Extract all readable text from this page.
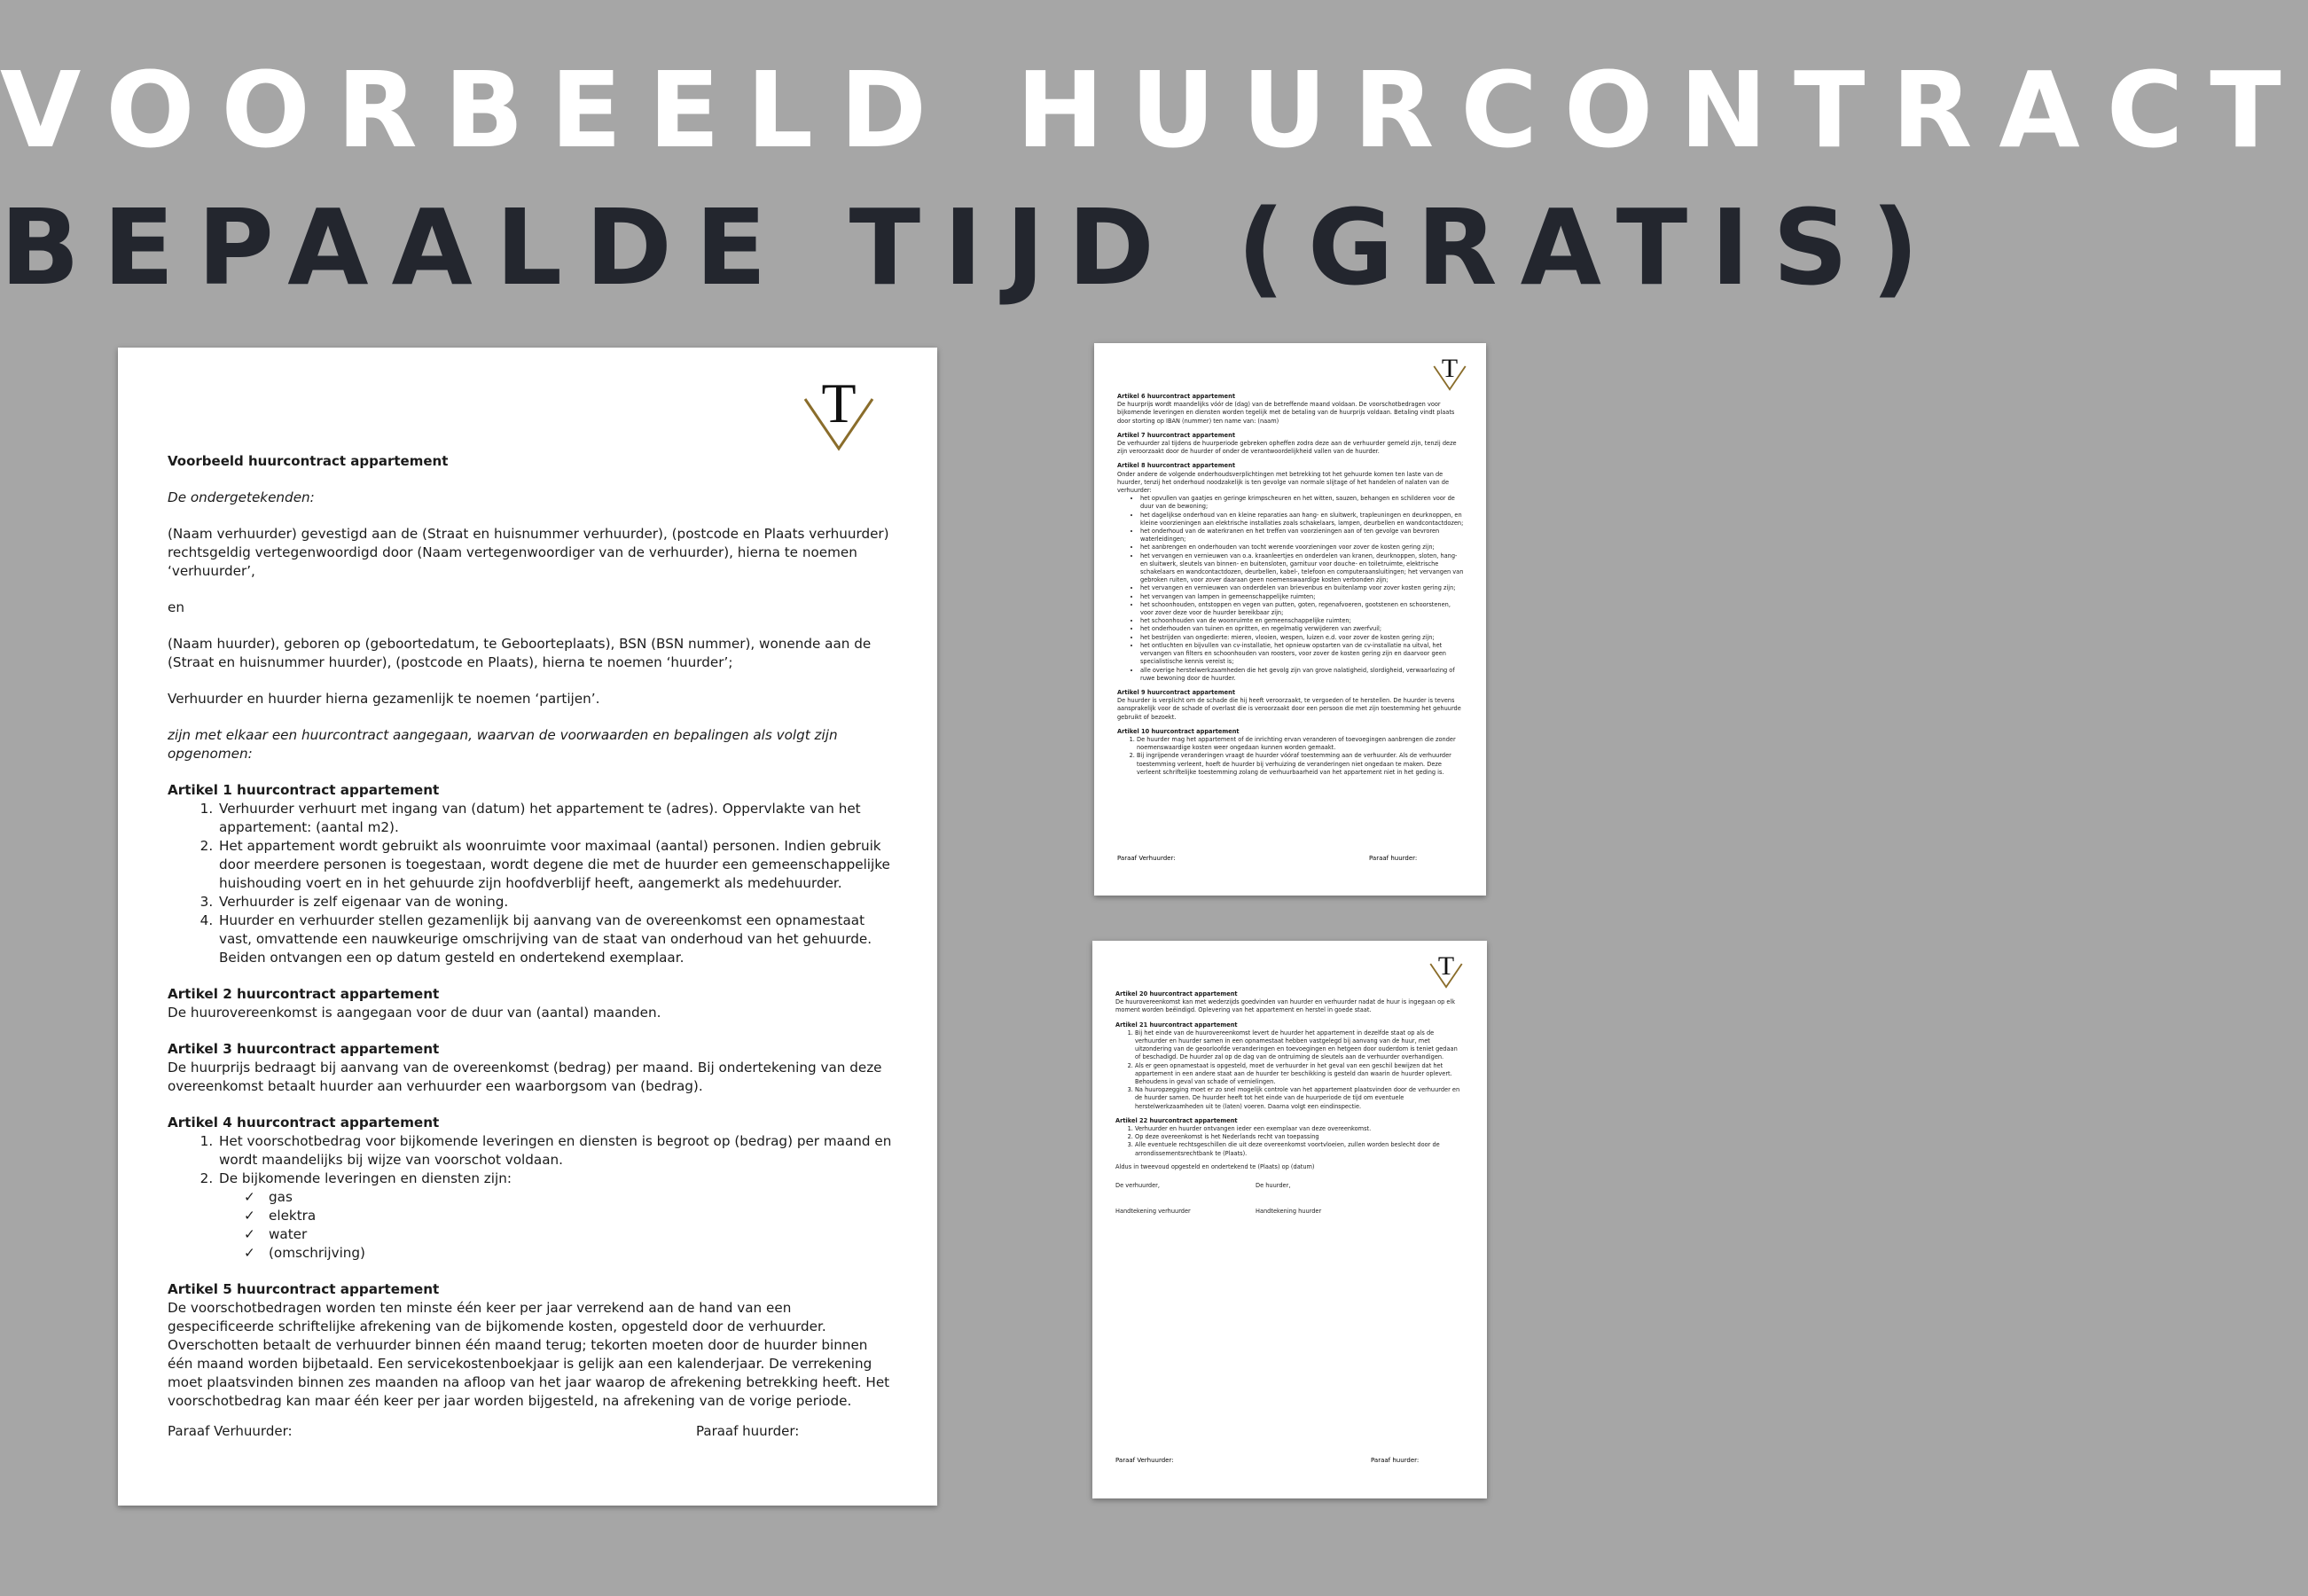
VOORBEELD HUURCONTRACT
BEPAALDE TIJD (GRATIS)
T
Voorbeeld huurcontract appartement

De ondergetekenden:

(Naam verhuurder) gevestigd aan de (Straat en huisnummer verhuurder), (postcode en Plaats verhuurder) rechtsgeldig vertegenwoordigd door (Naam vertegenwoordiger van de verhuurder), hierna te noemen ‘verhuurder’,

en

(Naam huurder), geboren op (geboortedatum, te Geboorteplaats), BSN (BSN nummer), wonende aan de (Straat en huisnummer huurder), (postcode en Plaats), hierna te noemen ‘huurder’;

Verhuurder en huurder hierna gezamenlijk te noemen ‘partijen’.

zijn met elkaar een huurcontract aangegaan, waarvan de voorwaarden en bepalingen als volgt zijn opgenomen:

Artikel 1 huurcontract appartement
1. Verhuurder verhuurt met ingang van (datum) het appartement te (adres). Oppervlakte van het appartement: (aantal m2).
2. Het appartement wordt gebruikt als woonruimte voor maximaal (aantal) personen. Indien gebruik door meerdere personen is toegestaan, wordt degene die met de huurder een gemeenschappelijke huishouding voert en in het gehuurde zijn hoofdverblijf heeft, aangemerkt als medehuurder.
3. Verhuurder is zelf eigenaar van de woning.
4. Huurder en verhuurder stellen gezamenlijk bij aanvang van de overeenkomst een opnamestaat vast, omvattende een nauwkeurige omschrijving van de staat van onderhoud van het gehuurde. Beiden ontvangen een op datum gesteld en ondertekend exemplaar.
Artikel 2 huurcontract appartement
De huurovereenkomst is aangegaan voor de duur van (aantal) maanden.
Artikel 3 huurcontract appartement
De huurprijs bedraagt bij aanvang van de overeenkomst (bedrag) per maand. Bij ondertekening van deze overeenkomst betaalt huurder aan verhuurder een waarborgsom van (bedrag).
Artikel 4 huurcontract appartement
1. Het voorschotbedrag voor bijkomende leveringen en diensten is begroot op (bedrag) per maand en wordt maandelijks bij wijze van voorschot voldaan.
2. De bijkomende leveringen en diensten zijn:
✓ gas
✓ elektra
✓ water
✓ (omschrijving)
Artikel 5 huurcontract appartement
De voorschotbedragen worden ten minste één keer per jaar verrekend aan de hand van een gespecificeerde schriftelijke afrekening van de bijkomende kosten, opgesteld door de verhuurder. Overschotten betaalt de verhuurder binnen één maand terug; tekorten moeten door de huurder binnen één maand worden bijbetaald. Een servicekostenboekjaar is gelijk aan een kalenderjaar. De verrekening moet plaatsvinden binnen zes maanden na afloop van het jaar waarop de afrekening betrekking heeft. Het voorschotbedrag kan maar één keer per jaar worden bijgesteld, na afrekening van de vorige periode.
Paraaf Verhuurder:	Paraaf huurder:
T
Artikel 6 huurcontract appartement
De huurprijs wordt maandelijks vóór de (dag) van de betreffende maand voldaan. De voorschotbedragen voor bijkomende leveringen en diensten worden tegelijk met de betaling van de huurprijs voldaan. Betaling vindt plaats door storting op IBAN (nummer) ten name van: (naam)
Artikel 7 huurcontract appartement
De verhuurder zal tijdens de huurperiode gebreken opheffen zodra deze aan de verhuurder gemeld zijn, tenzij deze zijn veroorzaakt door de huurder of onder de verantwoordelijkheid vallen van de huurder.
Artikel 8 huurcontract appartement
Onder andere de volgende onderhoudsverplichtingen met betrekking tot het gehuurde komen ten laste van de huurder, tenzij het onderhoud noodzakelijk is ten gevolge van normale slijtage of het handelen of nalaten van de verhuurder:
• het opvullen van gaatjes en geringe krimpscheuren en het witten, sauzen, behangen en schilderen voor de duur van de bewoning;
• het dagelijkse onderhoud van en kleine reparaties aan hang- en sluitwerk, trapleuningen en deurknoppen, en kleine voorzieningen aan elektrische installaties zoals schakelaars, lampen, deurbellen en wandcontactdozen;
• het onderhoud van de waterkranen en het treffen van voorzieningen aan of ten gevolge van bevroren waterleidingen;
• het aanbrengen en onderhouden van tocht werende voorzieningen voor zover de kosten gering zijn;
• het vervangen en vernieuwen van o.a. kraanleertjes en onderdelen van kranen, deurknoppen, sloten, hang- en sluitwerk, sleutels van binnen- en buitensloten, garnituur voor douche- en toiletruimte, elektrische schakelaars en wandcontactdozen, deurbellen, kabel-, telefoon en computeraansluitingen; het vervangen van gebroken ruiten, voor zover daaraan geen noemenswaardige kosten verbonden zijn;
• het vervangen en vernieuwen van onderdelen van brievenbus en buitenlamp voor zover kosten gering zijn;
• het vervangen van lampen in gemeenschappelijke ruimten;
• het schoonhouden, ontstoppen en vegen van putten, goten, regenafvoeren, gootstenen en schoorstenen, voor zover deze voor de huurder bereikbaar zijn;
• het schoonhouden van de woonruimte en gemeenschappelijke ruimten;
• het onderhouden van tuinen en opritten, en regelmatig verwijderen van zwerfvuil;
• het bestrijden van ongedierte: mieren, vlooien, wespen, luizen e.d. voor zover de kosten gering zijn;
• het ontluchten en bijvullen van cv-installatie, het opnieuw opstarten van de cv-installatie na uitval, het vervangen van filters en schoonhouden van roosters, voor zover de kosten gering zijn en daarvoor geen specialistische kennis vereist is;
• alle overige herstelwerkzaamheden die het gevolg zijn van grove nalatigheid, slordigheid, verwaarlozing of ruwe bewoning door de huurder.
Artikel 9 huurcontract appartement
De huurder is verplicht om de schade die hij heeft veroorzaakt, te vergoeden of te herstellen. De huurder is tevens aansprakelijk voor de schade of overlast die is veroorzaakt door een persoon die met zijn toestemming het gehuurde gebruikt of bezoekt.
Artikel 10 huurcontract appartement
1. De huurder mag het appartement of de inrichting ervan veranderen of toevoegingen aanbrengen die zonder noemenswaardige kosten weer ongedaan kunnen worden gemaakt.
2. Bij ingrijpende veranderingen vraagt de huurder vóóraf toestemming aan de verhuurder. Als de verhuurder toestemming verleent, hoeft de huurder bij verhuizing de veranderingen niet ongedaan te maken. Deze verleent schriftelijke toestemming zolang de verhuurbaarheid van het appartement niet in het geding is.
Paraaf Verhuurder:	Paraaf huurder:
T
Artikel 20 huurcontract appartement
De huurovereenkomst kan met wederzijds goedvinden van huurder en verhuurder nadat de huur is ingegaan op elk moment worden beëindigd. Oplevering van het appartement en herstel in goede staat.
Artikel 21 huurcontract appartement
1. Bij het einde van de huurovereenkomst levert de huurder het appartement in dezelfde staat op als de verhuurder en huurder samen in een opnamestaat hebben vastgelegd bij aanvang van de huur, met uitzondering van de geoorloofde veranderingen en toevoegingen en hetgeen door ouderdom is teniet gedaan of beschadigd. De huurder zal op de dag van de ontruiming de sleutels aan de verhuurder overhandigen.
2. Als er geen opnamestaat is opgesteld, moet de verhuurder in het geval van een geschil bewijzen dat het appartement in een andere staat aan de huurder ter beschikking is gesteld dan waarin de huurder oplevert. Behoudens in geval van schade of vernielingen.
3. Na huuropzegging moet er zo snel mogelijk controle van het appartement plaatsvinden door de verhuurder en de huurder samen. De huurder heeft tot het einde van de huurperiode de tijd om eventuele herstelwerkzaamheden uit te (laten) voeren. Daarna volgt een eindinspectie.
Artikel 22 huurcontract appartement
1. Verhuurder en huurder ontvangen ieder een exemplaar van deze overeenkomst.
2. Op deze overeenkomst is het Nederlands recht van toepassing
3. Alle eventuele rechtsgeschillen die uit deze overeenkomst voortvloeien, zullen worden beslecht door de arrondissementsrechtbank te (Plaats).

Aldus in tweevoud opgesteld en ondertekend te (Plaats) op (datum)

De verhuurder,	De huurder,
Handtekening verhuurder	Handtekening huurder
Paraaf Verhuurder:	Paraaf huurder:
